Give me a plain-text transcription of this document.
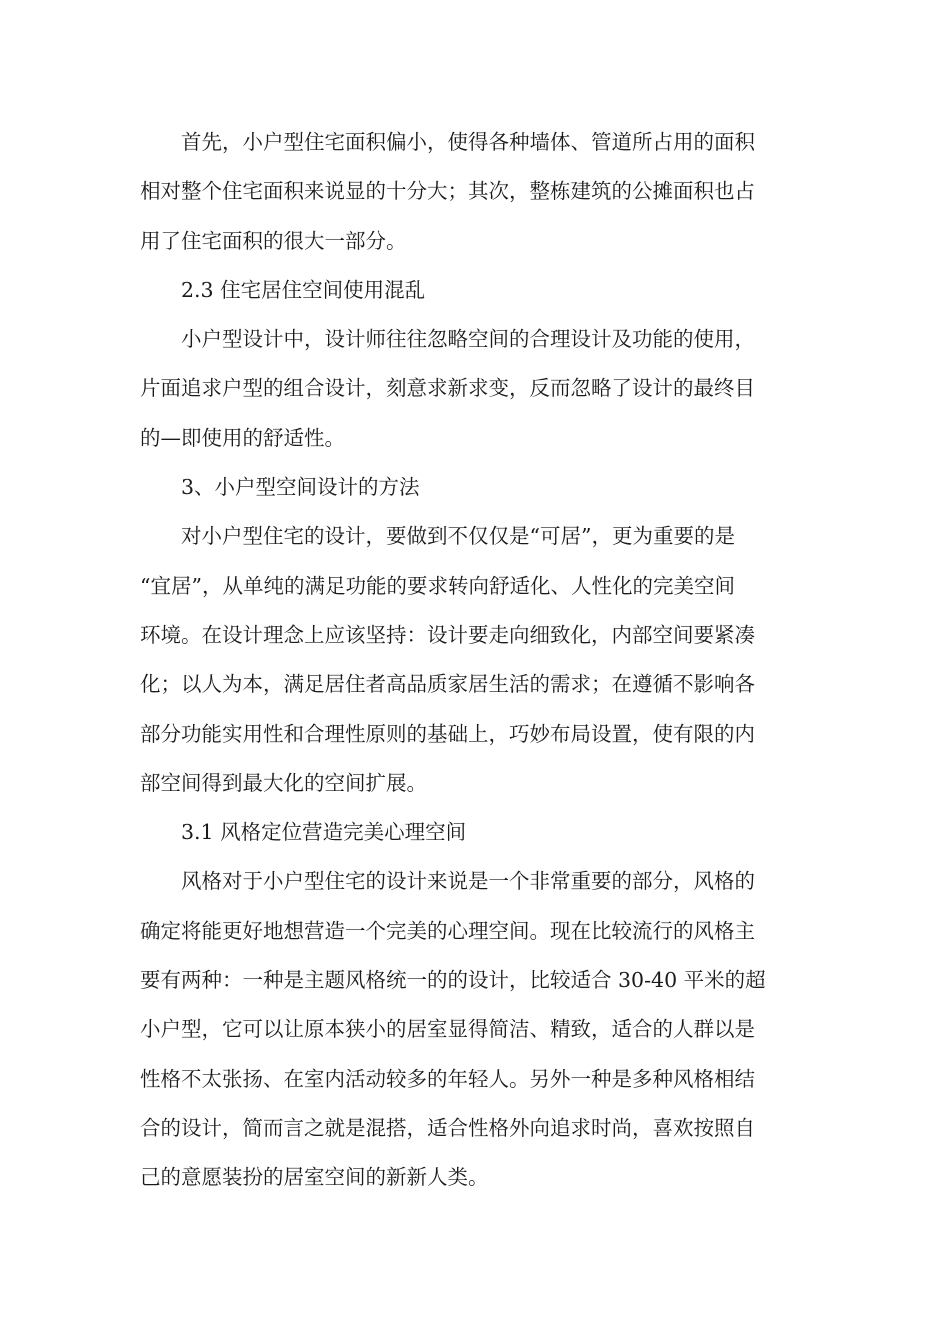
首先，小户型住宅面积偏小，使得各种墙体、管道所占用的面积
相对整个住宅面积来说显的十分大；其次，整栋建筑的公摊面积也占
用了住宅面积的很大一部分。

2.3 住宅居住空间使用混乱

小户型设计中，设计师往往忽略空间的合理设计及功能的使用，
片面追求户型的组合设计，刻意求新求变，反而忽略了设计的最终目
的—即使用的舒适性。

3、小户型空间设计的方法

对小户型住宅的设计，要做到不仅仅是“可居”，更为重要的是
“宜居”，从单纯的满足功能的要求转向舒适化、人性化的完美空间
环境。在设计理念上应该坚持：设计要走向细致化，内部空间要紧凑
化；以人为本，满足居住者高品质家居生活的需求；在遵循不影响各
部分功能实用性和合理性原则的基础上，巧妙布局设置，使有限的内
部空间得到最大化的空间扩展。

3.1 风格定位营造完美心理空间

风格对于小户型住宅的设计来说是一个非常重要的部分，风格的
确定将能更好地想营造一个完美的心理空间。现在比较流行的风格主
要有两种：一种是主题风格统一的的设计，比较适合 30-40 平米的超
小户型，它可以让原本狭小的居室显得简洁、精致，适合的人群以是
性格不太张扬、在室内活动较多的年轻人。另外一种是多种风格相结
合的设计，简而言之就是混搭，适合性格外向追求时尚，喜欢按照自
己的意愿装扮的居室空间的新新人类。
